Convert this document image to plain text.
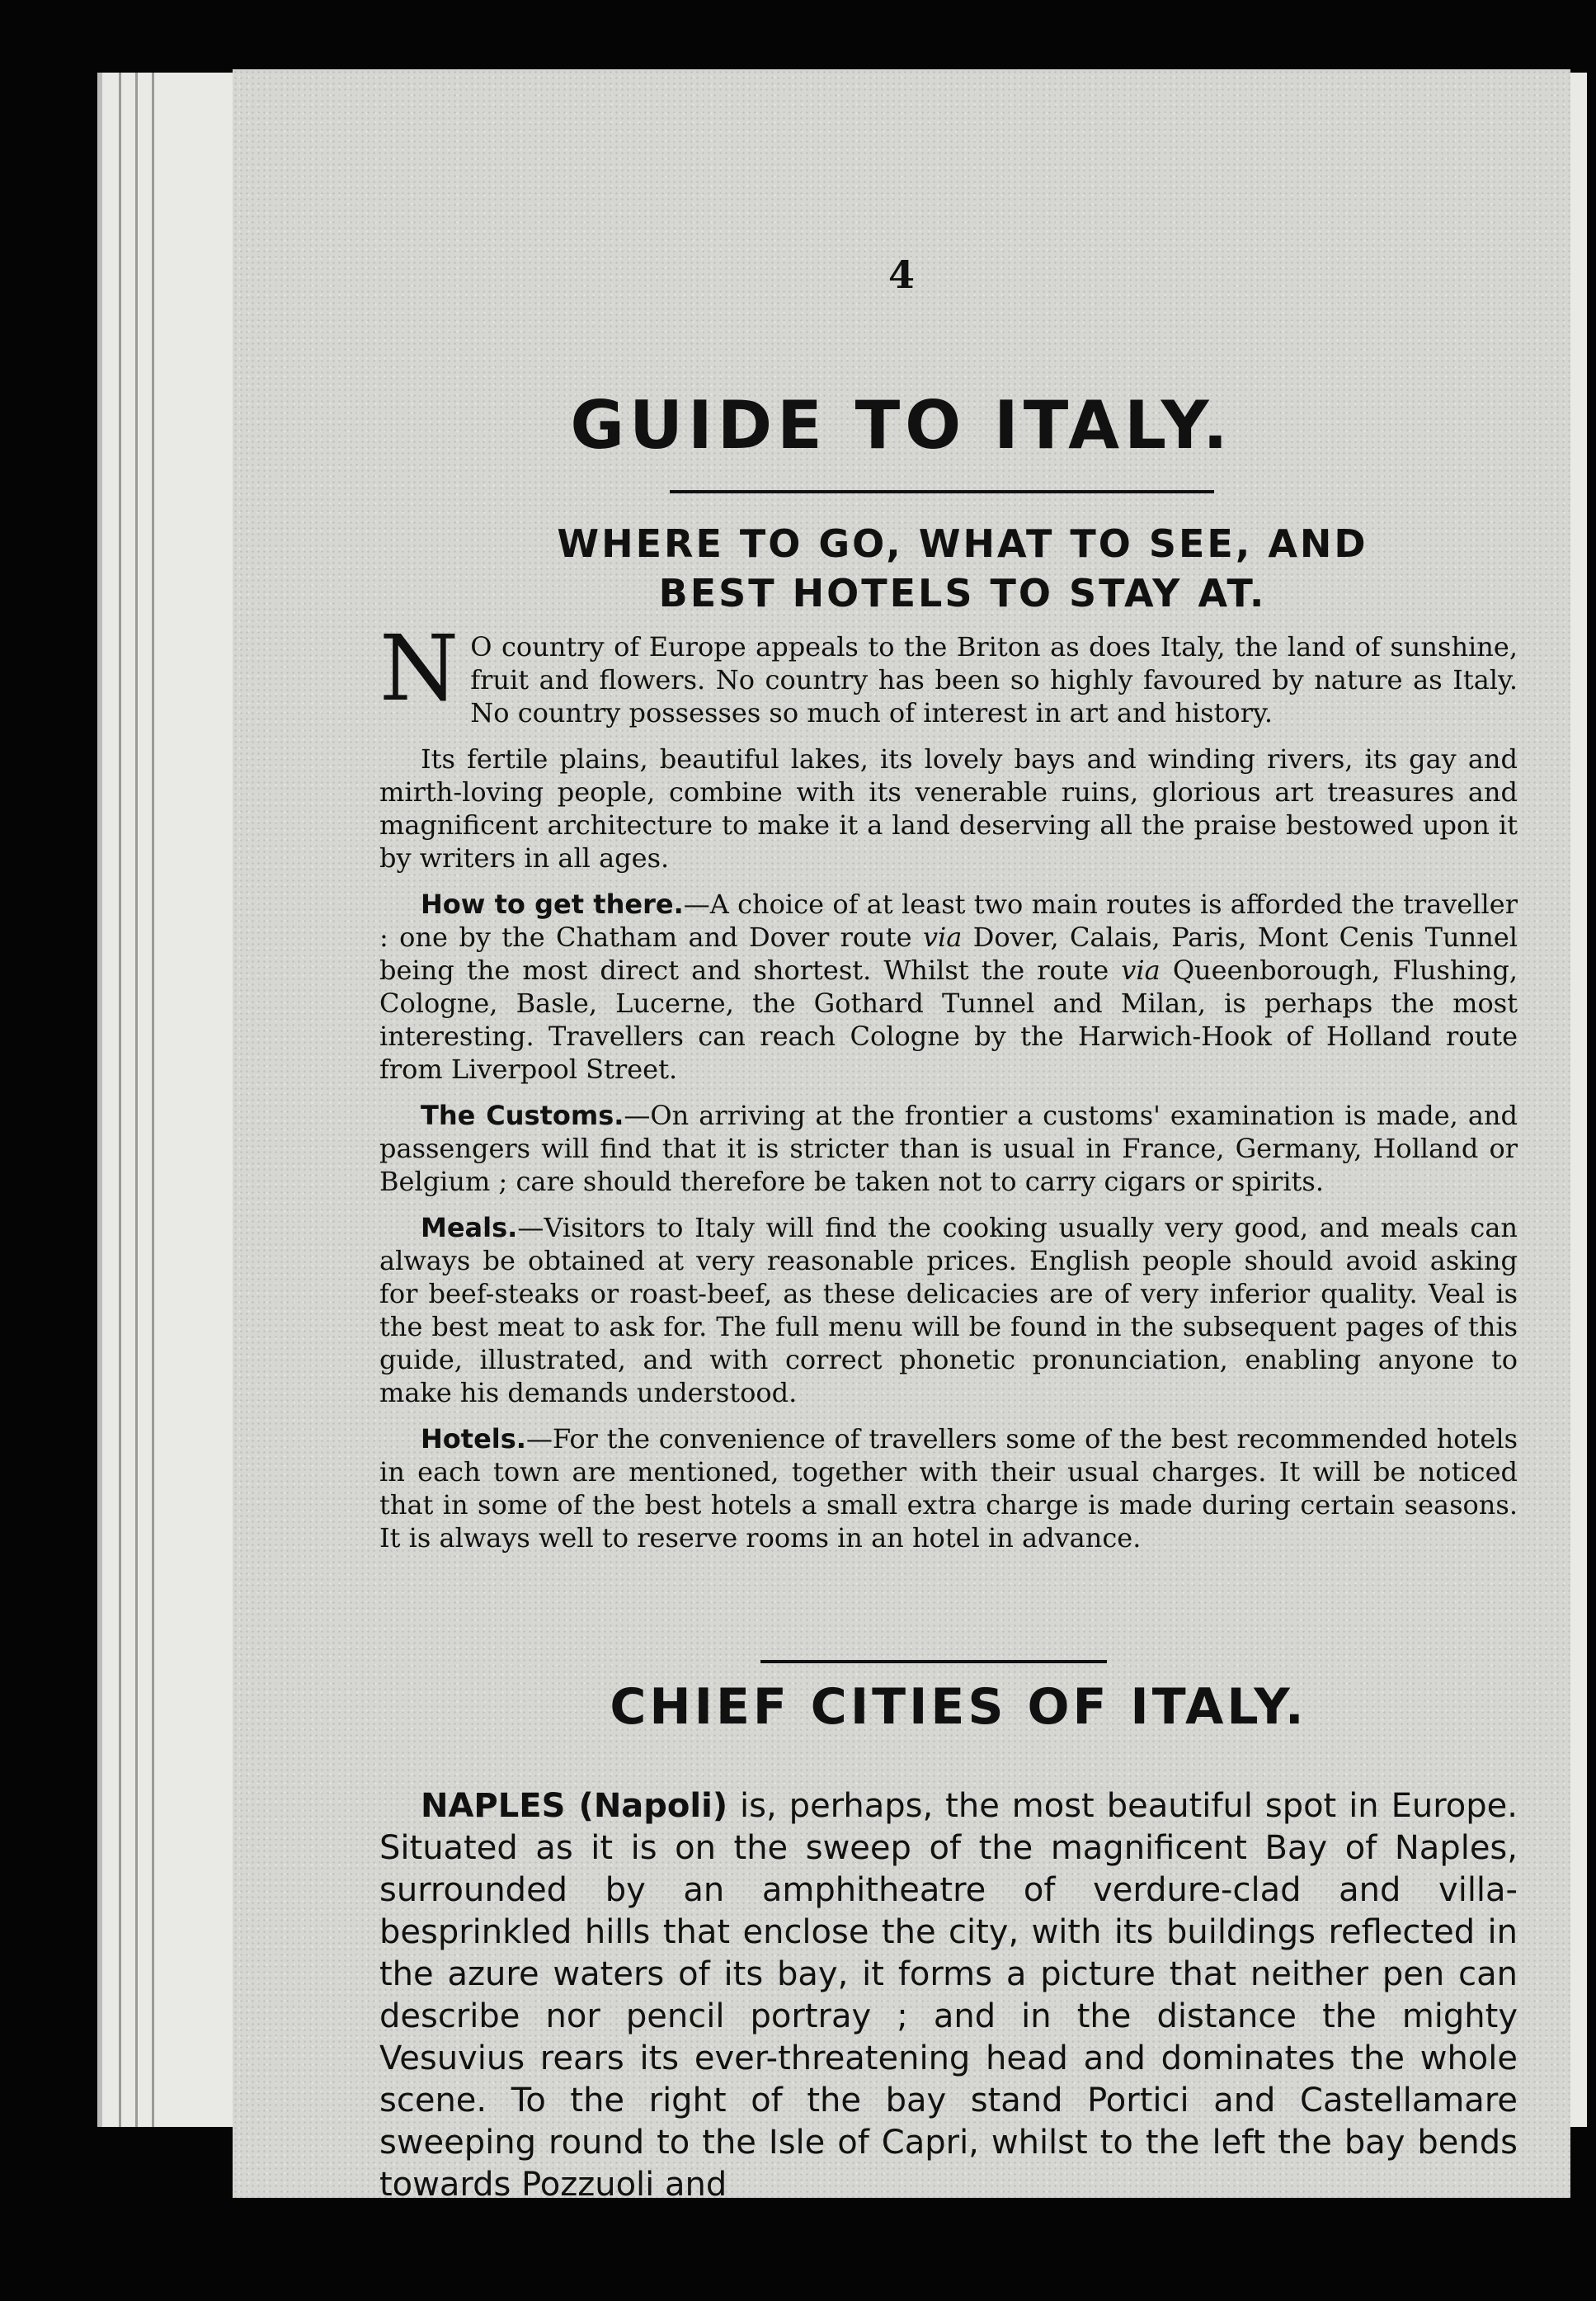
4
GUIDE TO ITALY.
WHERE TO GO, WHAT TO SEE, AND
BEST HOTELS TO STAY AT.

N O country of Europe appeals to the Briton as does Italy, the land of sunshine, fruit and flowers. No country has been so highly favoured by nature as Italy. No country possesses so much of interest in art and history.

Its fertile plains, beautiful lakes, its lovely bays and winding rivers, its gay and mirth-loving people, combine with its venerable ruins, glorious art treasures and magnificent architecture to make it a land deserving all the praise bestowed upon it by writers in all ages.

How to get there.—A choice of at least two main routes is afforded the traveller : one by the Chatham and Dover route via Dover, Calais, Paris, Mont Cenis Tunnel being the most direct and shortest. Whilst the route via Queenborough, Flushing, Cologne, Basle, Lucerne, the Gothard Tunnel and Milan, is perhaps the most interesting. Travellers can reach Cologne by the Harwich-Hook of Holland route from Liverpool Street.

The Customs.—On arriving at the frontier a customs' examination is made, and passengers will find that it is stricter than is usual in France, Germany, Holland or Belgium ; care should therefore be taken not to carry cigars or spirits.

Meals.—Visitors to Italy will find the cooking usually very good, and meals can always be obtained at very reasonable prices. English people should avoid asking for beef-steaks or roast-beef, as these delicacies are of very inferior quality. Veal is the best meat to ask for. The full menu will be found in the subsequent pages of this guide, illustrated, and with correct phonetic pronunciation, enabling anyone to make his demands understood.

Hotels.—For the convenience of travellers some of the best recommended hotels in each town are mentioned, together with their usual charges. It will be noticed that in some of the best hotels a small extra charge is made during certain seasons. It is always well to reserve rooms in an hotel in advance.

CHIEF CITIES OF ITALY.

NAPLES (Napoli) is, perhaps, the most beautiful spot in Europe. Situated as it is on the sweep of the magnificent Bay of Naples, surrounded by an amphitheatre of verdure-clad and villa-besprinkled hills that enclose the city, with its buildings reflected in the azure waters of its bay, it forms a picture that neither pen can describe nor pencil portray ; and in the distance the mighty Vesuvius rears its ever-threatening head and dominates the whole scene. To the right of the bay stand Portici and Castellamare sweeping round to the Isle of Capri, whilst to the left the bay bends towards Pozzuoli and
